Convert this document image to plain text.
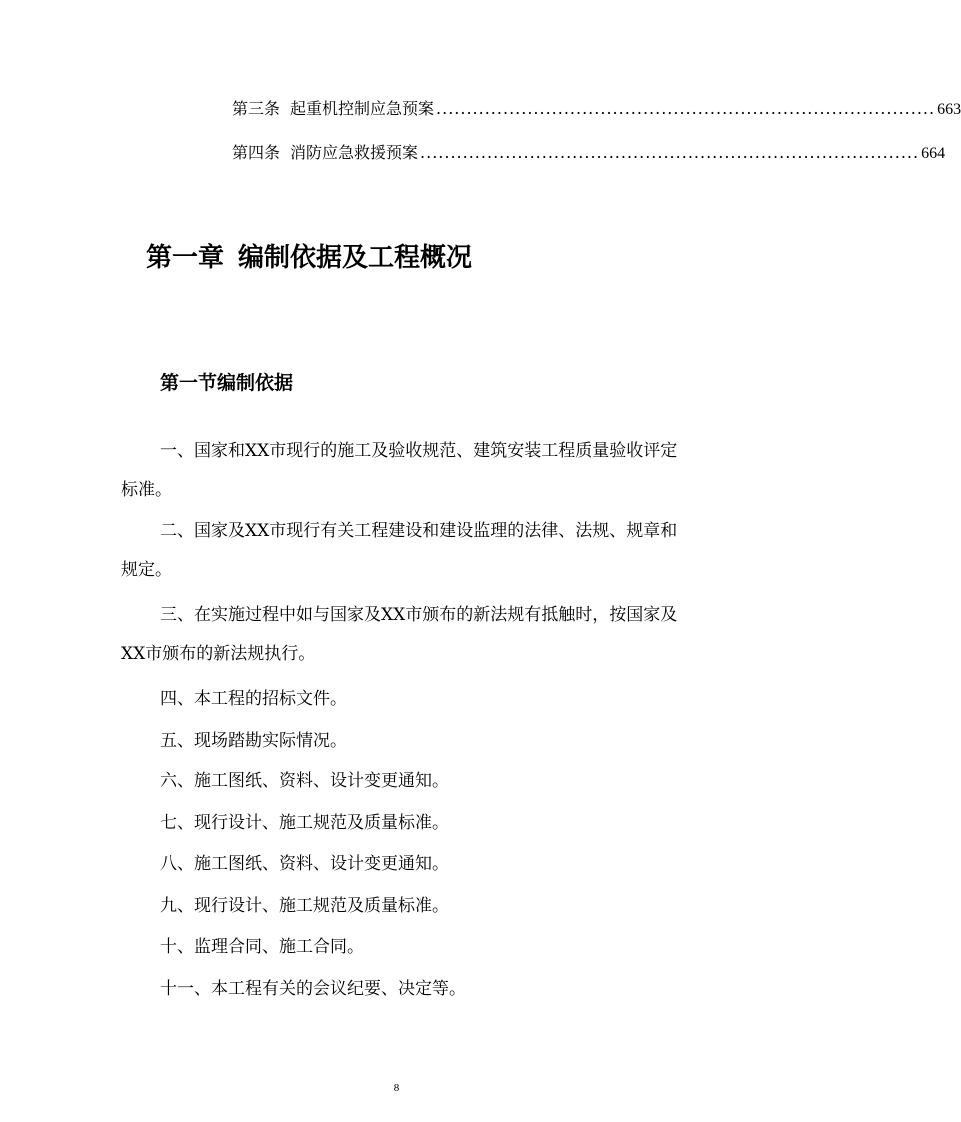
第三条 起重机控制应急预案 .................................................................................. 663
第四条 消防应急救援预案 .................................................................................. 664
第一章 编制依据及工程概况
第一节编制依据

一、国家和XX市现行的施工及验收规范、建筑安装工程质量验收评定标准。

二、国家及XX市现行有关工程建设和建设监理的法律、法规、规章和规定。

三、在实施过程中如与国家及XX市颁布的新法规有抵触时，按国家及XX市颁布的新法规执行。

四、本工程的招标文件。

五、现场踏勘实际情况。

六、施工图纸、资料、设计变更通知。

七、现行设计、施工规范及质量标准。

八、施工图纸、资料、设计变更通知。

九、现行设计、施工规范及质量标准。

十、监理合同、施工合同。

十一、本工程有关的会议纪要、决定等。

8
